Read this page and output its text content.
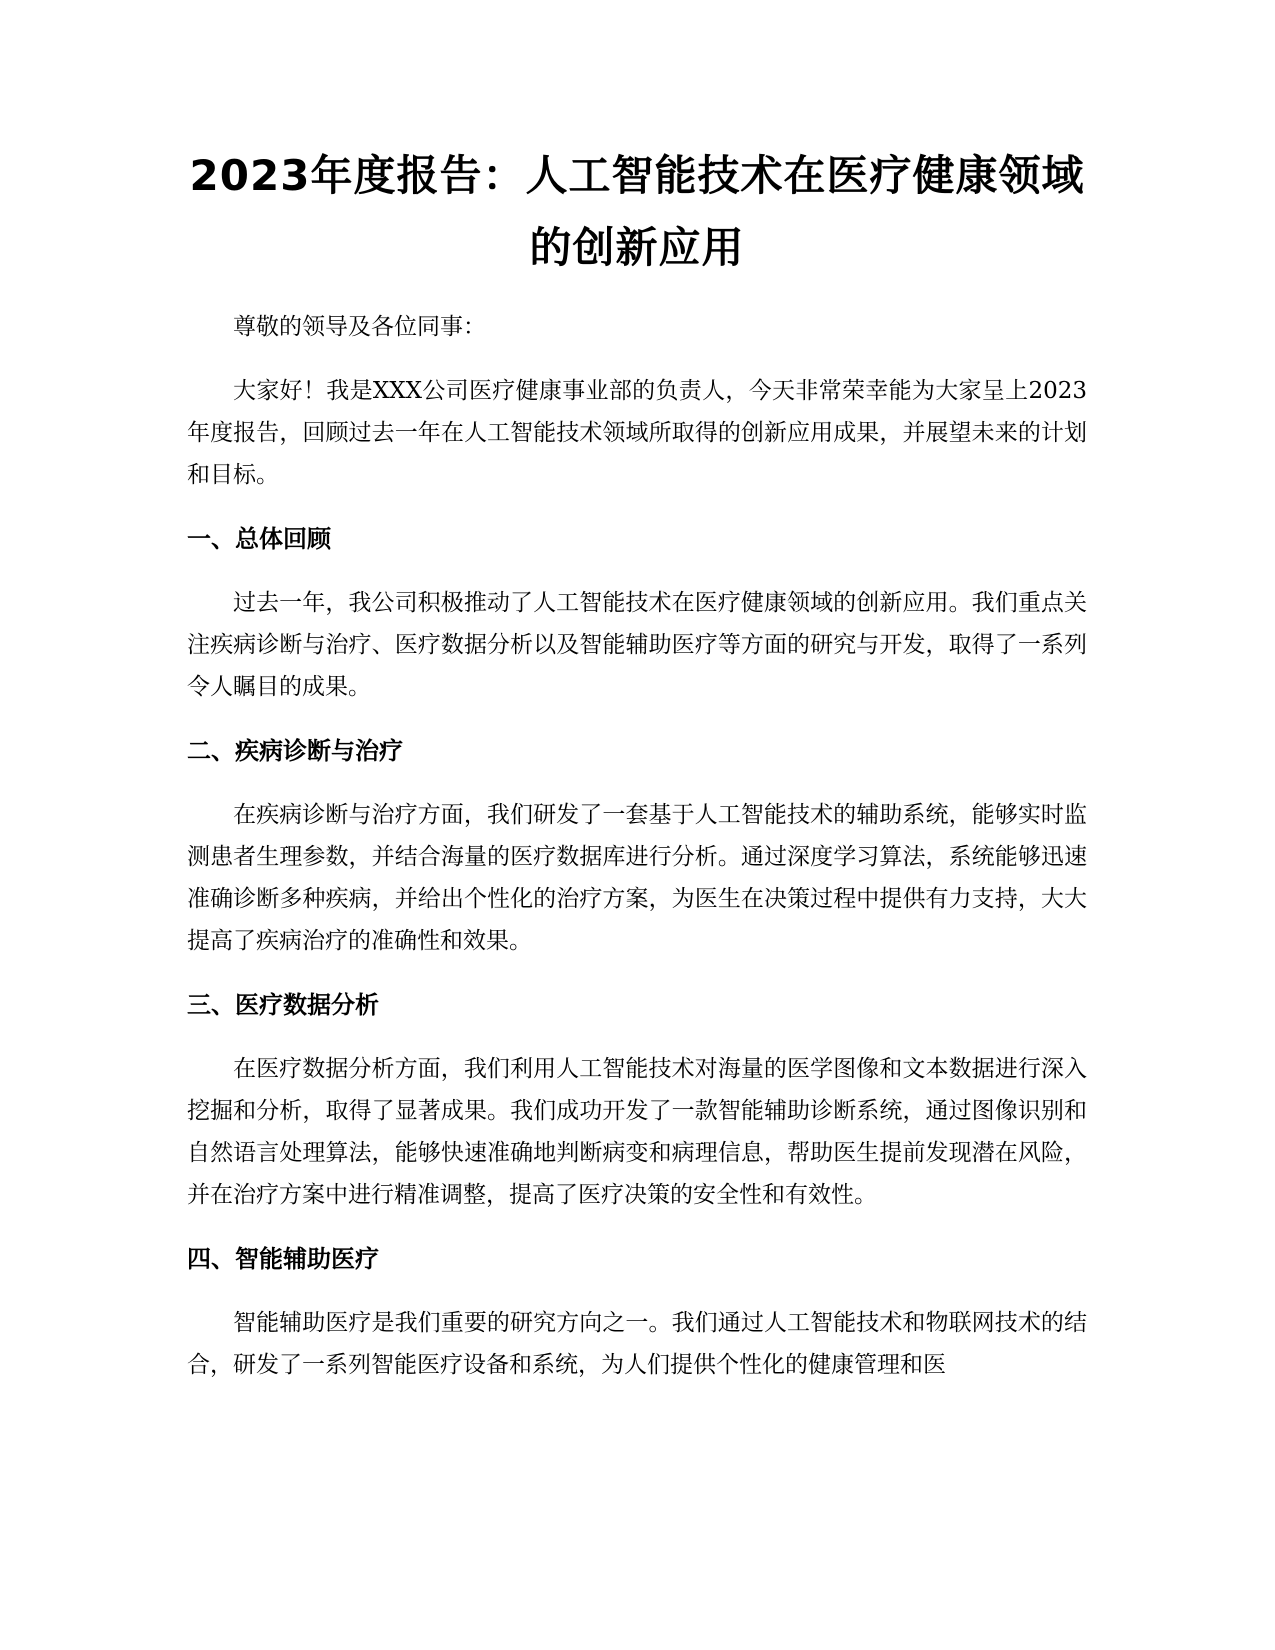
2023年度报告：人工智能技术在医疗健康领域的创新应用

尊敬的领导及各位同事：

大家好！我是XXX公司医疗健康事业部的负责人，今天非常荣幸能为大家呈上2023年度报告，回顾过去一年在人工智能技术领域所取得的创新应用成果，并展望未来的计划和目标。

一、总体回顾

过去一年，我公司积极推动了人工智能技术在医疗健康领域的创新应用。我们重点关注疾病诊断与治疗、医疗数据分析以及智能辅助医疗等方面的研究与开发，取得了一系列令人瞩目的成果。

二、疾病诊断与治疗

在疾病诊断与治疗方面，我们研发了一套基于人工智能技术的辅助系统，能够实时监测患者生理参数，并结合海量的医疗数据库进行分析。通过深度学习算法，系统能够迅速准确诊断多种疾病，并给出个性化的治疗方案，为医生在决策过程中提供有力支持，大大提高了疾病治疗的准确性和效果。

三、医疗数据分析

在医疗数据分析方面，我们利用人工智能技术对海量的医学图像和文本数据进行深入挖掘和分析，取得了显著成果。我们成功开发了一款智能辅助诊断系统，通过图像识别和自然语言处理算法，能够快速准确地判断病变和病理信息，帮助医生提前发现潜在风险，并在治疗方案中进行精准调整，提高了医疗决策的安全性和有效性。

四、智能辅助医疗

智能辅助医疗是我们重要的研究方向之一。我们通过人工智能技术和物联网技术的结合，研发了一系列智能医疗设备和系统，为人们提供个性化的健康管理和医
